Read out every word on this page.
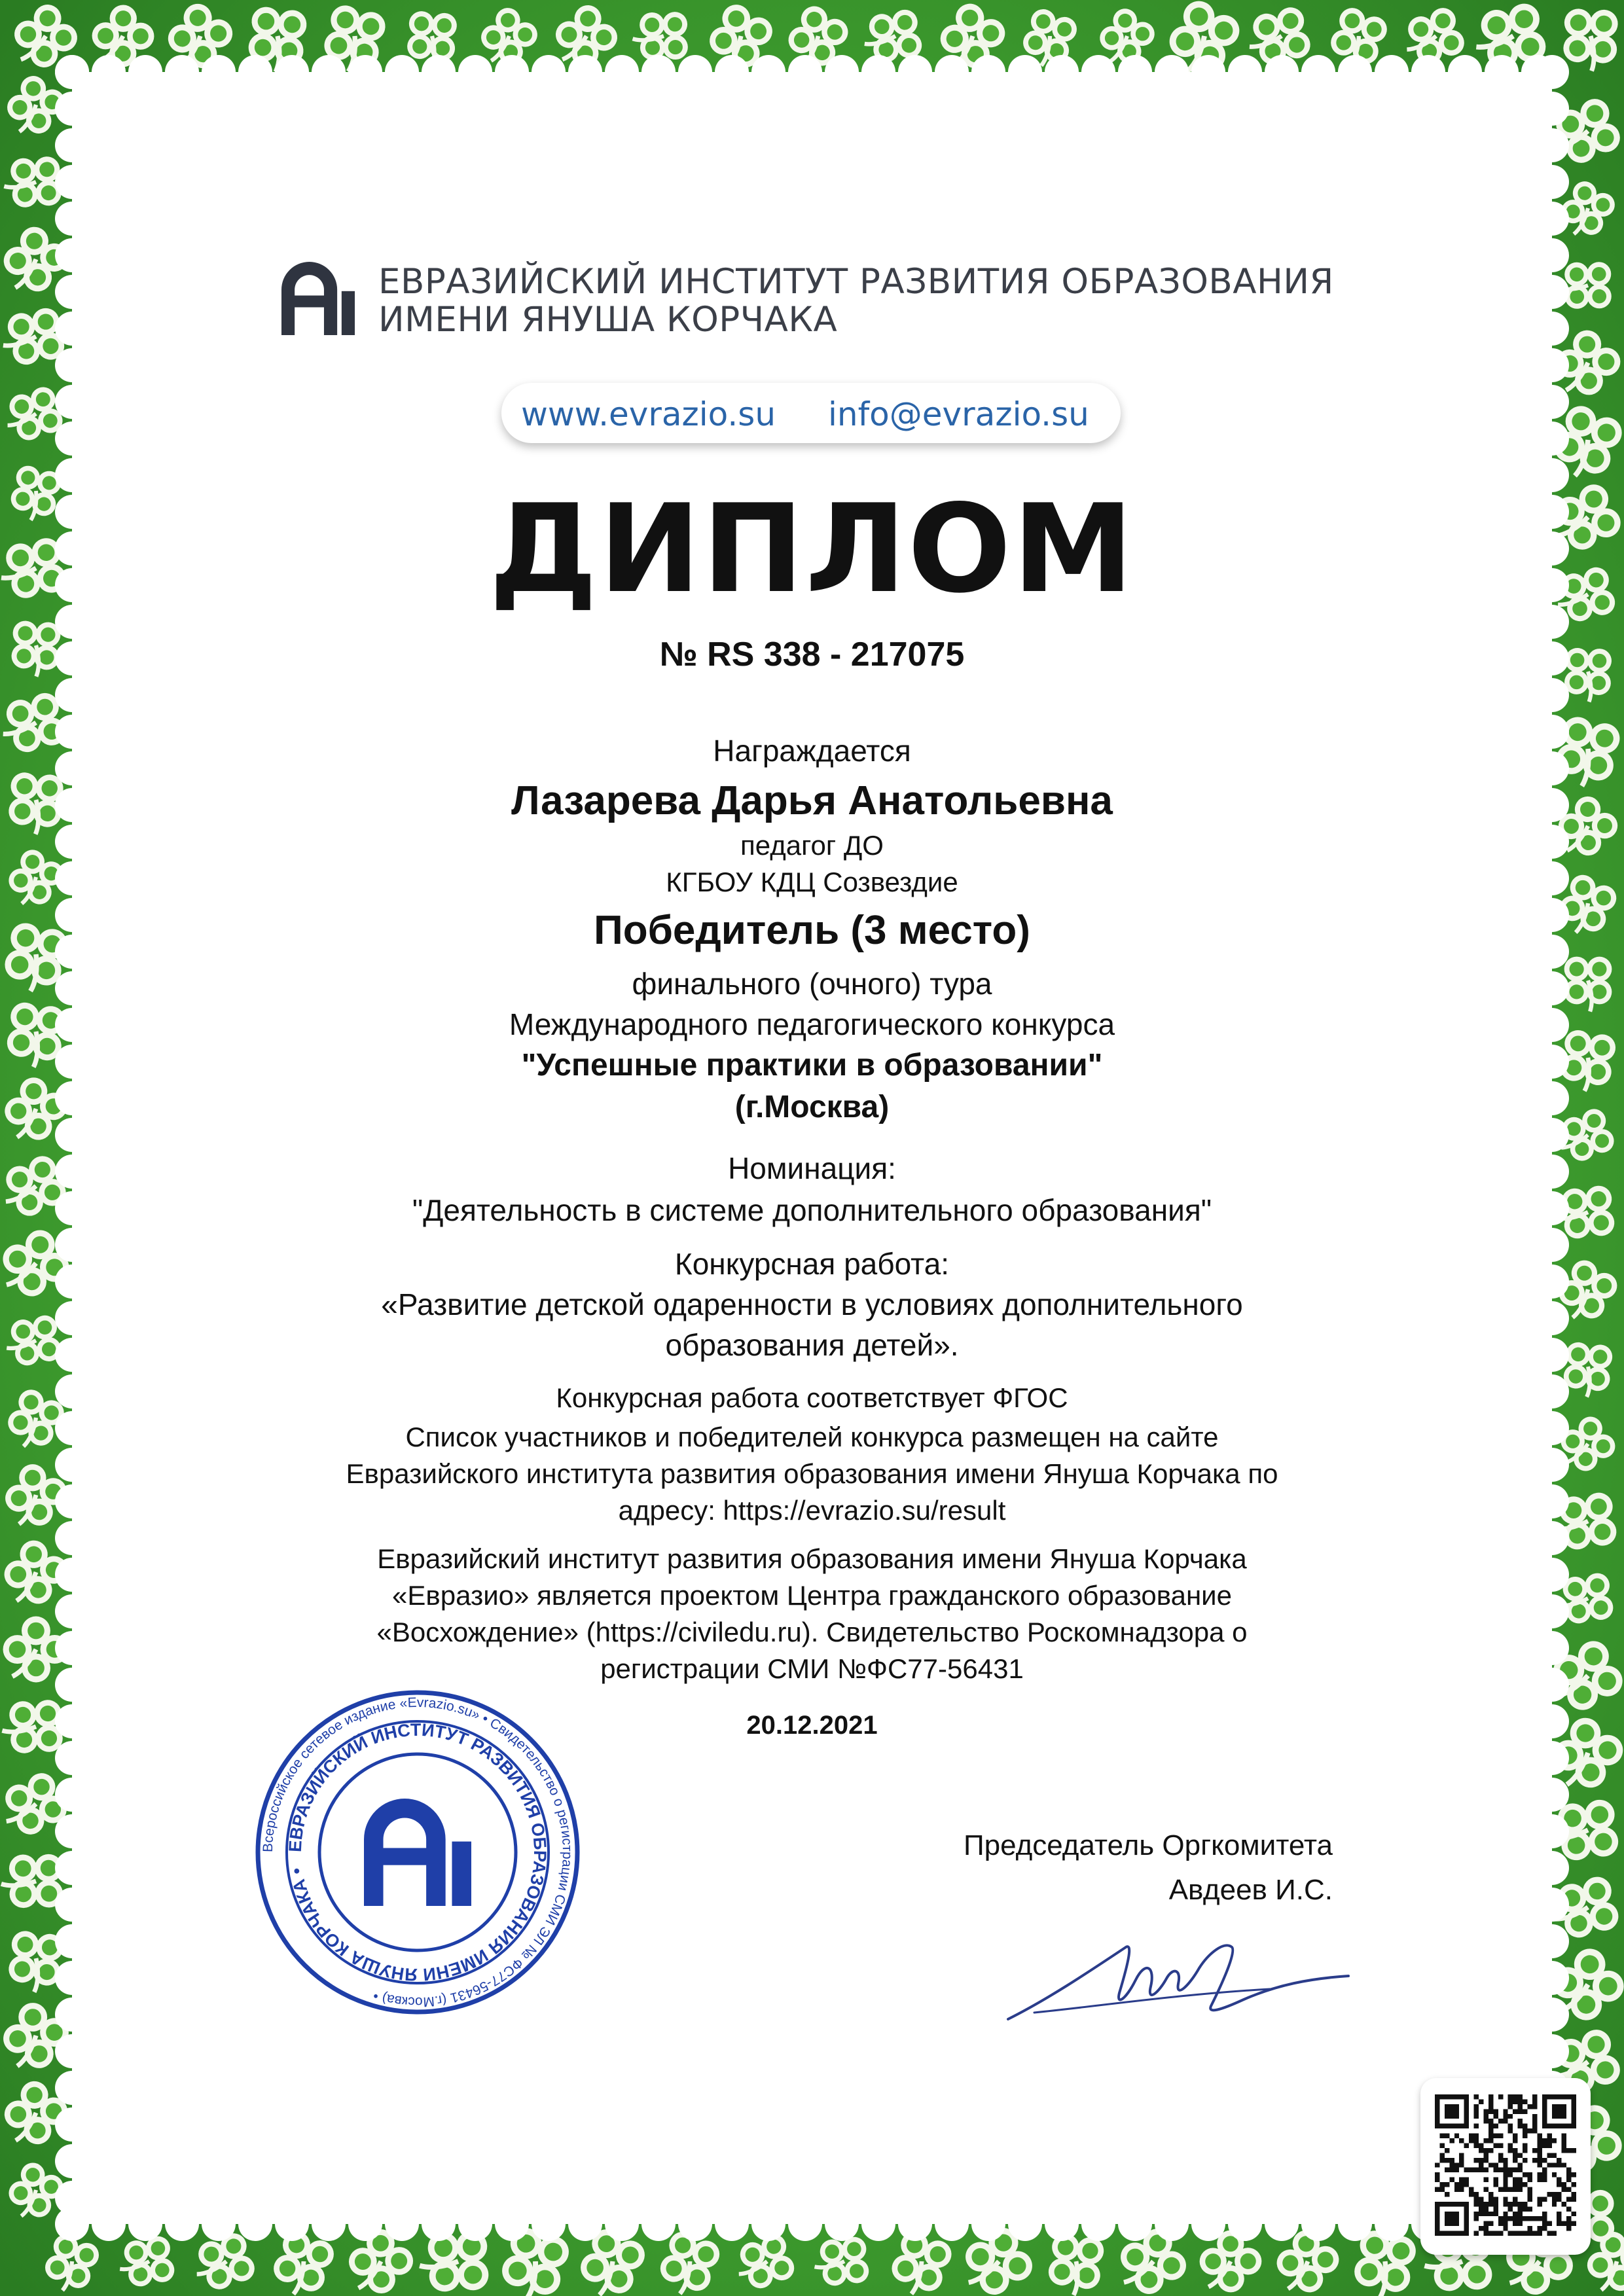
ЕВРАЗИЙСКИЙ ИНСТИТУТ РАЗВИТИЯ ОБРАЗОВАНИЯ
ИМЕНИ ЯНУША КОРЧАКА
www.evrazio.su info@evrazio.su
ДИПЛОМ
№ RS 338 - 217075
Награждается
Лазарева Дарья Анатольевна
педагог ДО
КГБОУ КДЦ Созвездие
Победитель (3 место)
финального (очного) тура
Международного педагогического конкурса
"Успешные практики в образовании"
(г.Москва)
Номинация:
"Деятельность в системе дополнительного образования"
Конкурсная работа:
«Развитие детской одаренности в условиях дополнительного
образования детей».
Конкурсная работа соответствует ФГОС
Список участников и победителей конкурса размещен на сайте
Евразийского института развития образования имени Януша Корчака по
адресу: https://evrazio.su/result
Евразийский институт развития образования имени Януша Корчака
«Евразио» является проектом Центра гражданского образование
«Восхождение» (https://civiledu.ru). Свидетельство Роскомнадзора о
регистрации СМИ №ФС77-56431
20.12.2021
Всероссийское сетевое издание «Evrazio.su» • Свидетельство о регистрации СМИ ЭЛ № ФС77-56431 (г.Москва) •
ЕВРАЗИЙСКИЙ ИНСТИТУТ РАЗВИТИЯ ОБРАЗОВАНИЯ ИМЕНИ ЯНУША КОРЧАКА •
Председатель Оргкомитета
Авдеев И.С.
